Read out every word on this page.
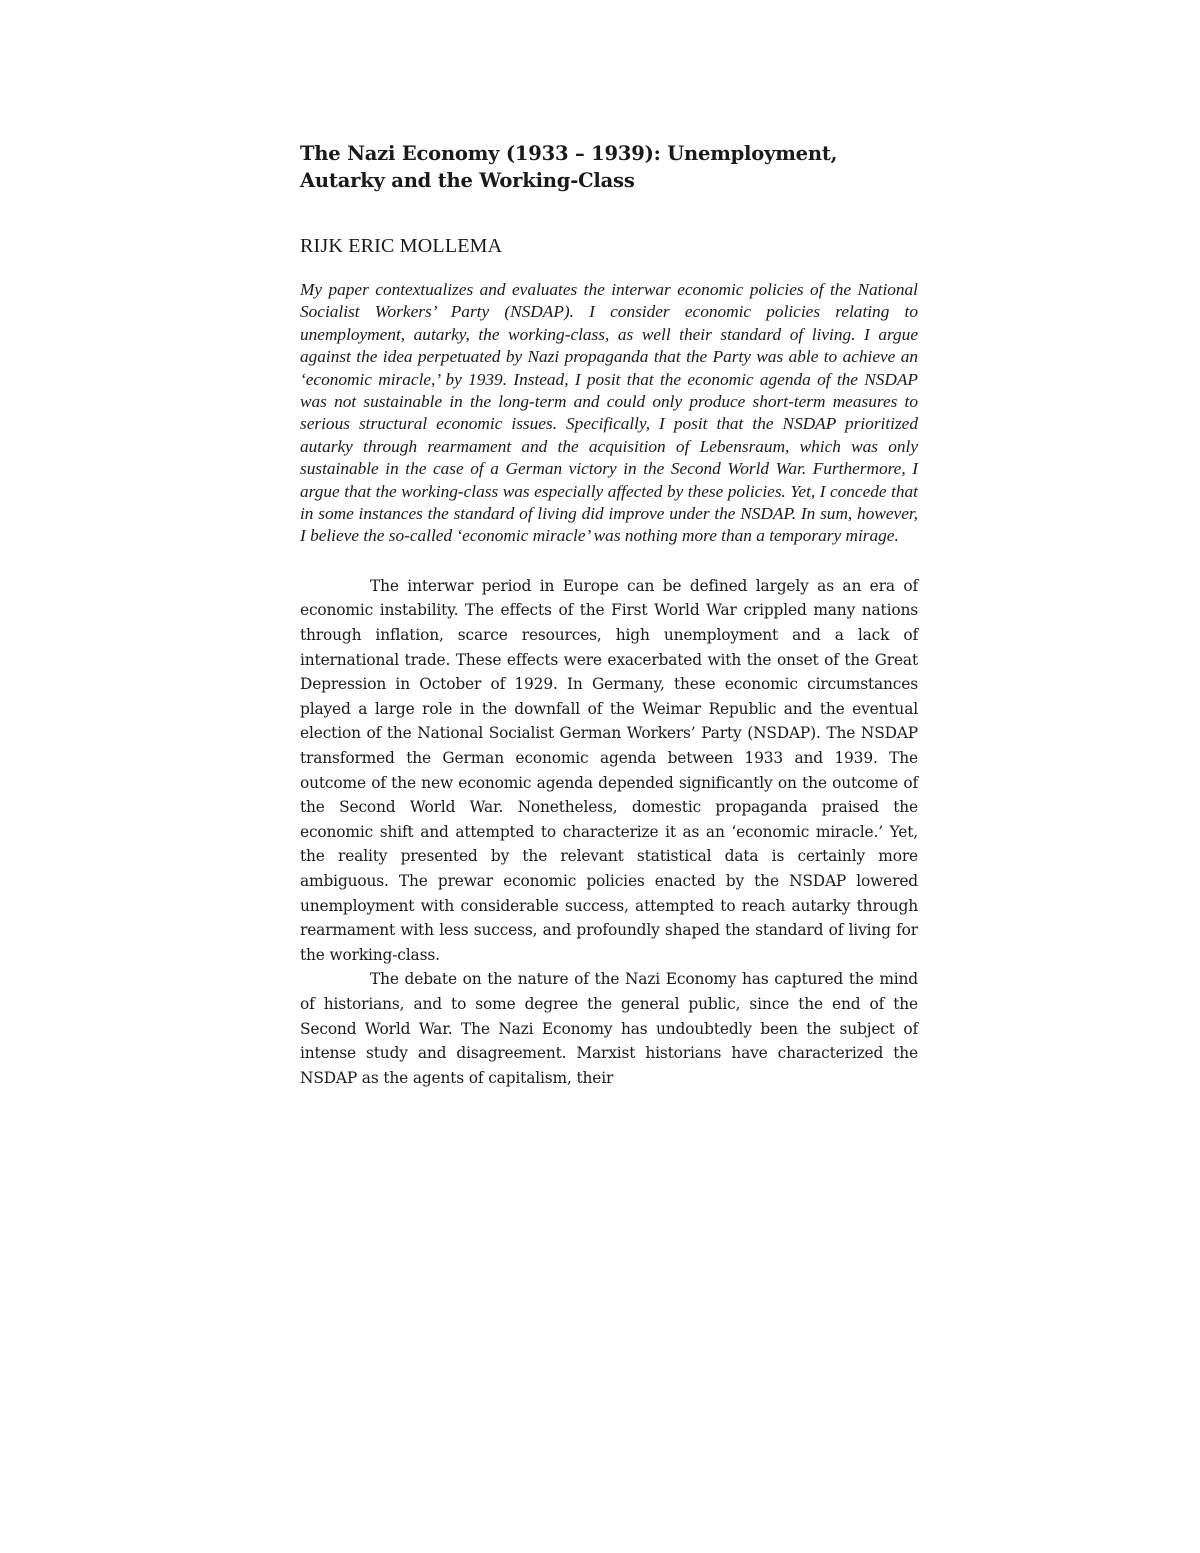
The Nazi Economy (1933 – 1939): Unemployment, Autarky and the Working-Class
RIJK ERIC MOLLEMA

My paper contextualizes and evaluates the interwar economic policies of the National Socialist Workers’ Party (NSDAP). I consider economic policies relating to unemployment, autarky, the working-class, as well their standard of living. I argue against the idea perpetuated by Nazi propaganda that the Party was able to achieve an ‘economic miracle,’ by 1939. Instead, I posit that the economic agenda of the NSDAP was not sustainable in the long-term and could only produce short-term measures to serious structural economic issues. Specifically, I posit that the NSDAP prioritized autarky through rearmament and the acquisition of Lebensraum, which was only sustainable in the case of a German victory in the Second World War. Furthermore, I argue that the working-class was especially affected by these policies. Yet, I concede that in some instances the standard of living did improve under the NSDAP. In sum, however, I believe the so-called ‘economic miracle’ was nothing more than a temporary mirage.

The interwar period in Europe can be defined largely as an era of economic instability. The effects of the First World War crippled many nations through inflation, scarce resources, high unemployment and a lack of international trade. These effects were exacerbated with the onset of the Great Depression in October of 1929. In Germany, these economic circumstances played a large role in the downfall of the Weimar Republic and the eventual election of the National Socialist German Workers’ Party (NSDAP). The NSDAP transformed the German economic agenda between 1933 and 1939. The outcome of the new economic agenda depended significantly on the outcome of the Second World War. Nonetheless, domestic propaganda praised the economic shift and attempted to characterize it as an ‘economic miracle.’ Yet, the reality presented by the relevant statistical data is certainly more ambiguous. The prewar economic policies enacted by the NSDAP lowered unemployment with considerable success, attempted to reach autarky through rearmament with less success, and profoundly shaped the standard of living for the working-class.

The debate on the nature of the Nazi Economy has captured the mind of historians, and to some degree the general public, since the end of the Second World War. The Nazi Economy has undoubtedly been the subject of intense study and disagreement. Marxist historians have characterized the NSDAP as the agents of capitalism, their
